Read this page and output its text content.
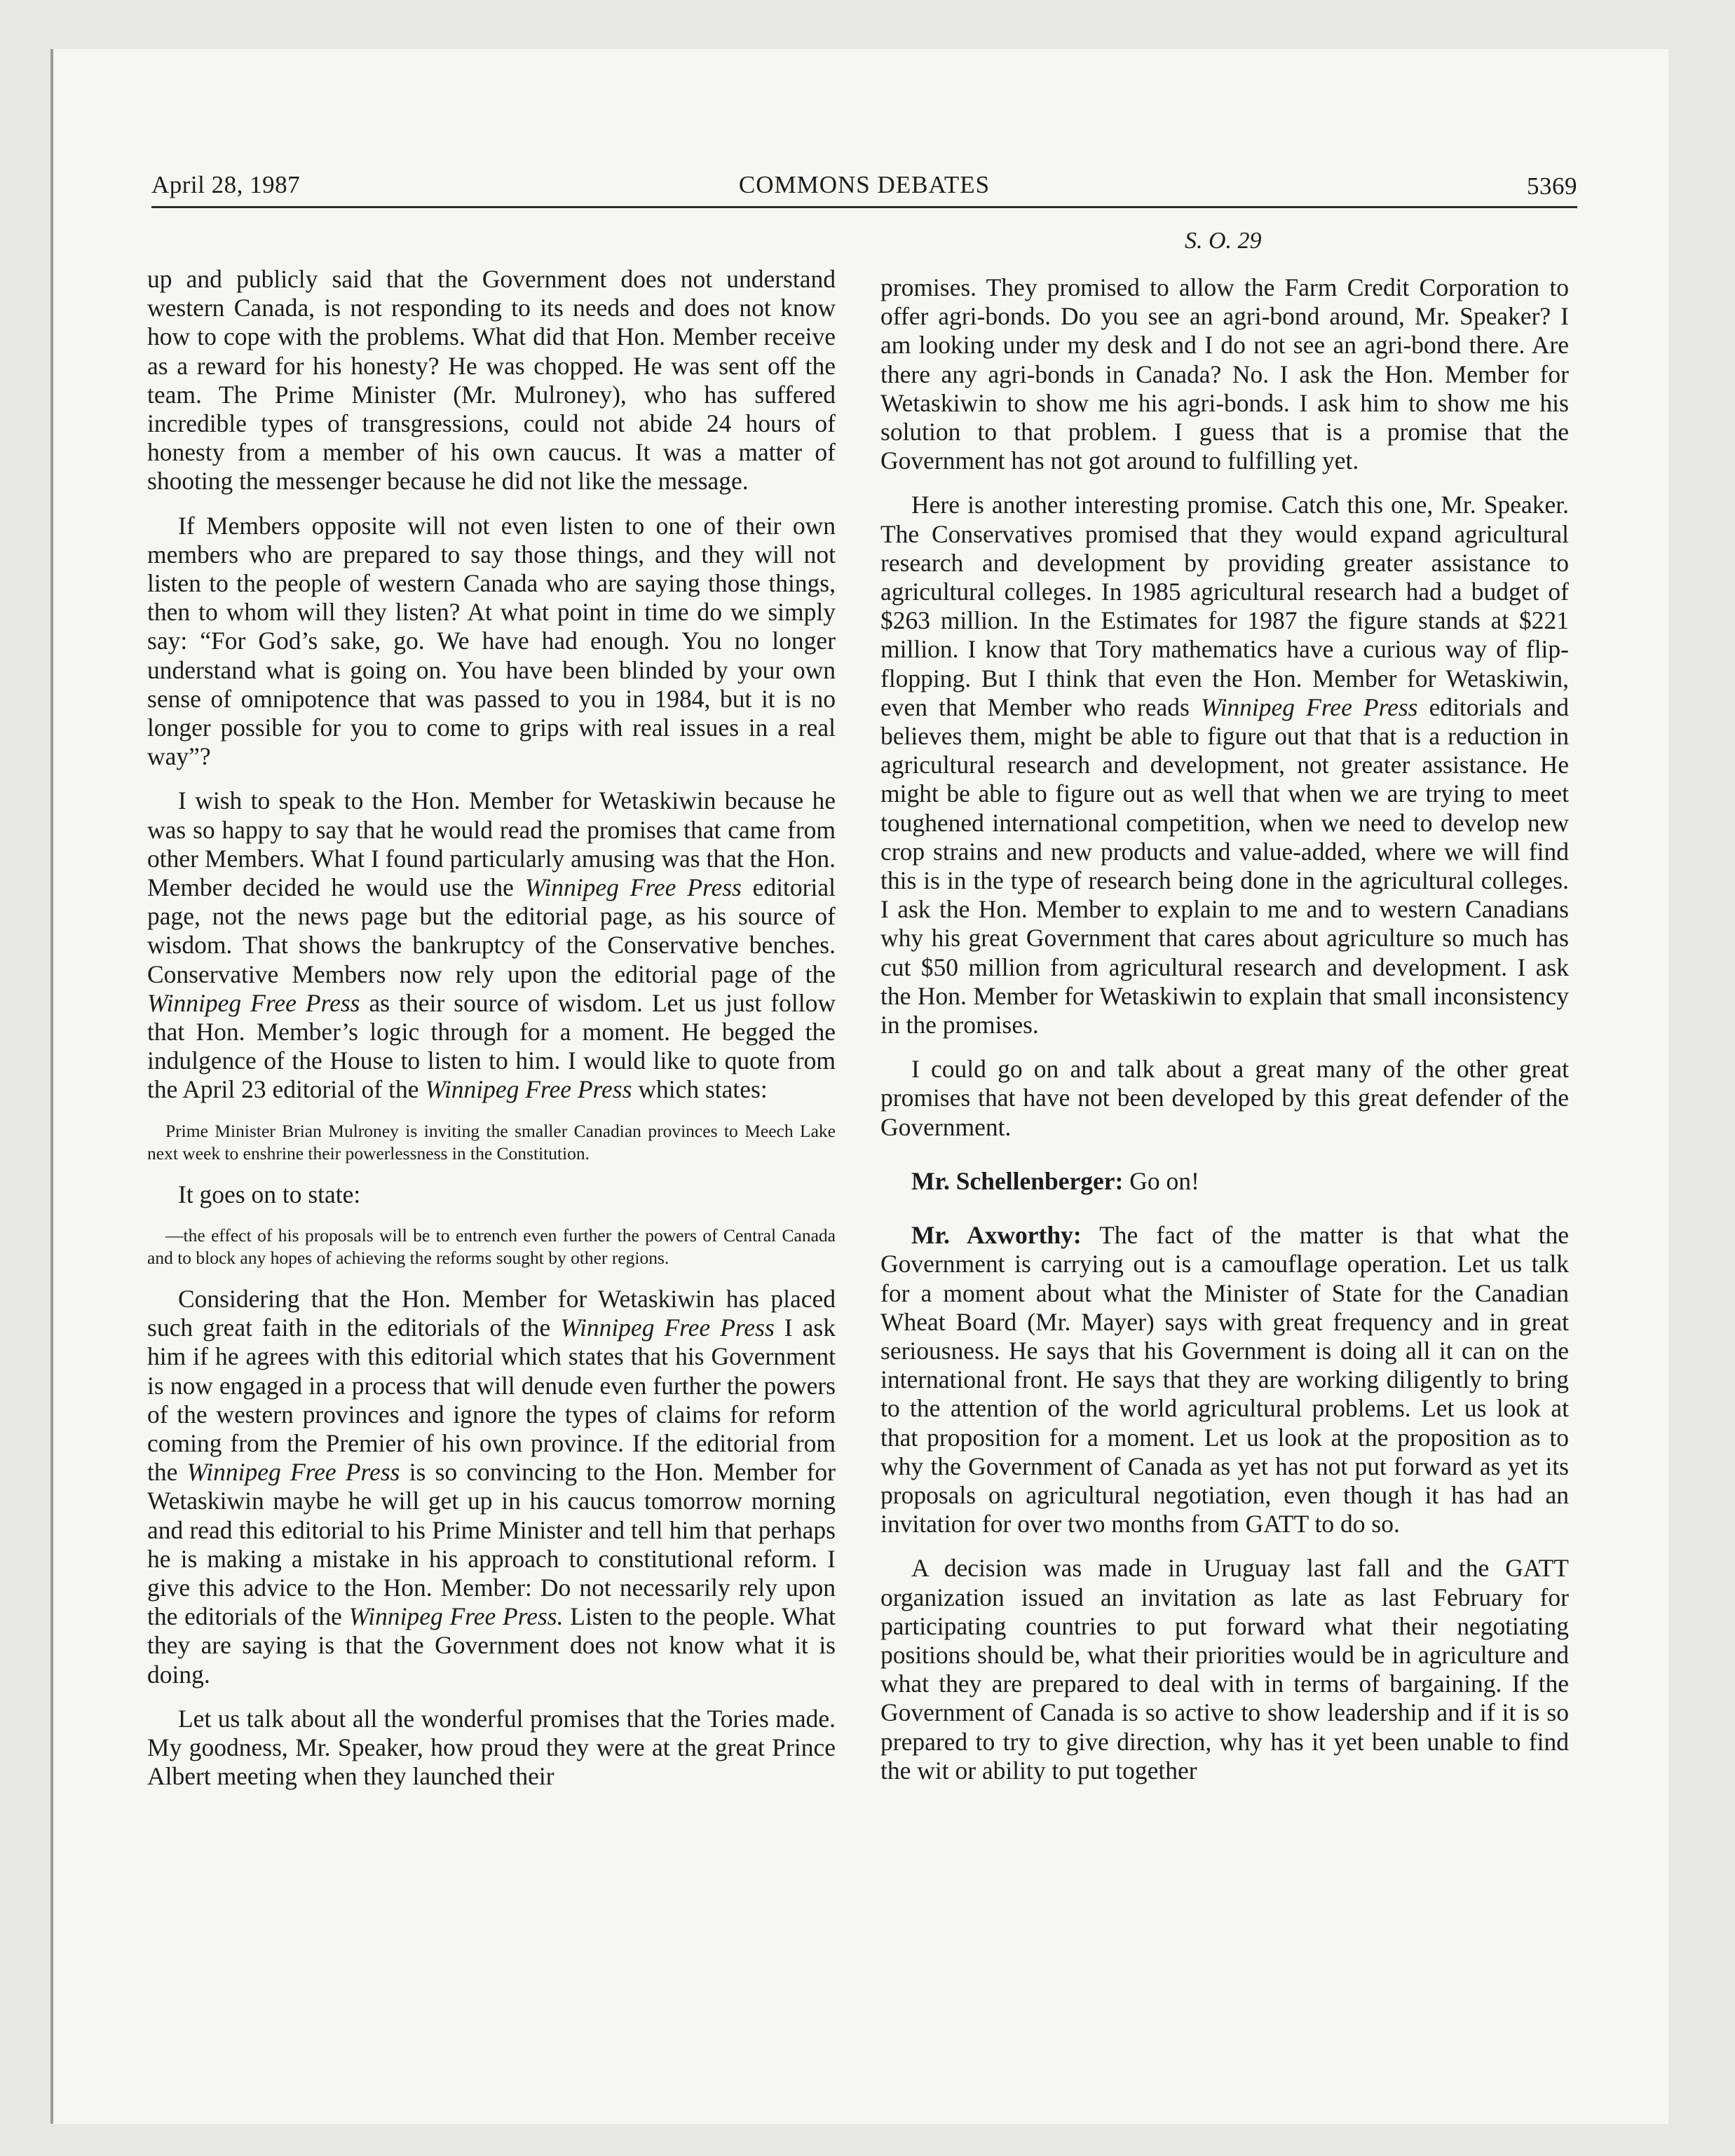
April 28, 1987	COMMONS DEBATES	5369
S. O. 29

up and publicly said that the Government does not understand western Canada, is not responding to its needs and does not know how to cope with the problems. What did that Hon. Member receive as a reward for his honesty? He was chopped. He was sent off the team. The Prime Minister (Mr. Mulroney), who has suffered incredible types of transgressions, could not abide 24 hours of honesty from a member of his own caucus. It was a matter of shooting the messenger because he did not like the message.

If Members opposite will not even listen to one of their own members who are prepared to say those things, and they will not listen to the people of western Canada who are saying those things, then to whom will they listen? At what point in time do we simply say: “For God’s sake, go. We have had enough. You no longer understand what is going on. You have been blinded by your own sense of omnipotence that was passed to you in 1984, but it is no longer possible for you to come to grips with real issues in a real way”?

I wish to speak to the Hon. Member for Wetaskiwin because he was so happy to say that he would read the promises that came from other Members. What I found particularly amusing was that the Hon. Member decided he would use the Winnipeg Free Press editorial page, not the news page but the editorial page, as his source of wisdom. That shows the bankruptcy of the Conservative benches. Conservative Members now rely upon the editorial page of the Winnipeg Free Press as their source of wisdom. Let us just follow that Hon. Member’s logic through for a moment. He begged the indulgence of the House to listen to him. I would like to quote from the April 23 editorial of the Winnipeg Free Press which states:

Prime Minister Brian Mulroney is inviting the smaller Canadian provinces to Meech Lake next week to enshrine their powerlessness in the Constitution.

It goes on to state:

—the effect of his proposals will be to entrench even further the powers of Central Canada and to block any hopes of achieving the reforms sought by other regions.

Considering that the Hon. Member for Wetaskiwin has placed such great faith in the editorials of the Winnipeg Free Press I ask him if he agrees with this editorial which states that his Government is now engaged in a process that will denude even further the powers of the western provinces and ignore the types of claims for reform coming from the Premier of his own province. If the editorial from the Winnipeg Free Press is so convincing to the Hon. Member for Wetaskiwin maybe he will get up in his caucus tomorrow morning and read this editorial to his Prime Minister and tell him that perhaps he is making a mistake in his approach to constitutional reform. I give this advice to the Hon. Member: Do not necessarily rely upon the editorials of the Winnipeg Free Press. Listen to the people. What they are saying is that the Government does not know what it is doing.

Let us talk about all the wonderful promises that the Tories made. My goodness, Mr. Speaker, how proud they were at the great Prince Albert meeting when they launched their

promises. They promised to allow the Farm Credit Corporation to offer agri-bonds. Do you see an agri-bond around, Mr. Speaker? I am looking under my desk and I do not see an agri-bond there. Are there any agri-bonds in Canada? No. I ask the Hon. Member for Wetaskiwin to show me his agri-bonds. I ask him to show me his solution to that problem. I guess that is a promise that the Government has not got around to fulfilling yet.

Here is another interesting promise. Catch this one, Mr. Speaker. The Conservatives promised that they would expand agricultural research and development by providing greater assistance to agricultural colleges. In 1985 agricultural research had a budget of $263 million. In the Estimates for 1987 the figure stands at $221 million. I know that Tory mathematics have a curious way of flip-flopping. But I think that even the Hon. Member for Wetaskiwin, even that Member who reads Winnipeg Free Press editorials and believes them, might be able to figure out that that is a reduction in agricultural research and development, not greater assistance. He might be able to figure out as well that when we are trying to meet toughened international competition, when we need to develop new crop strains and new products and value-added, where we will find this is in the type of research being done in the agricultural colleges. I ask the Hon. Member to explain to me and to western Canadians why his great Government that cares about agriculture so much has cut $50 million from agricultural research and development. I ask the Hon. Member for Wetaskiwin to explain that small inconsistency in the promises.

I could go on and talk about a great many of the other great promises that have not been developed by this great defender of the Government.

Mr. Schellenberger: Go on!

Mr. Axworthy: The fact of the matter is that what the Government is carrying out is a camouflage operation. Let us talk for a moment about what the Minister of State for the Canadian Wheat Board (Mr. Mayer) says with great frequency and in great seriousness. He says that his Government is doing all it can on the international front. He says that they are working diligently to bring to the attention of the world agricultural problems. Let us look at that proposition for a moment. Let us look at the proposition as to why the Government of Canada as yet has not put forward as yet its proposals on agricultural negotiation, even though it has had an invitation for over two months from GATT to do so.

A decision was made in Uruguay last fall and the GATT organization issued an invitation as late as last February for participating countries to put forward what their negotiating positions should be, what their priorities would be in agriculture and what they are prepared to deal with in terms of bargaining. If the Government of Canada is so active to show leadership and if it is so prepared to try to give direction, why has it yet been unable to find the wit or ability to put together
